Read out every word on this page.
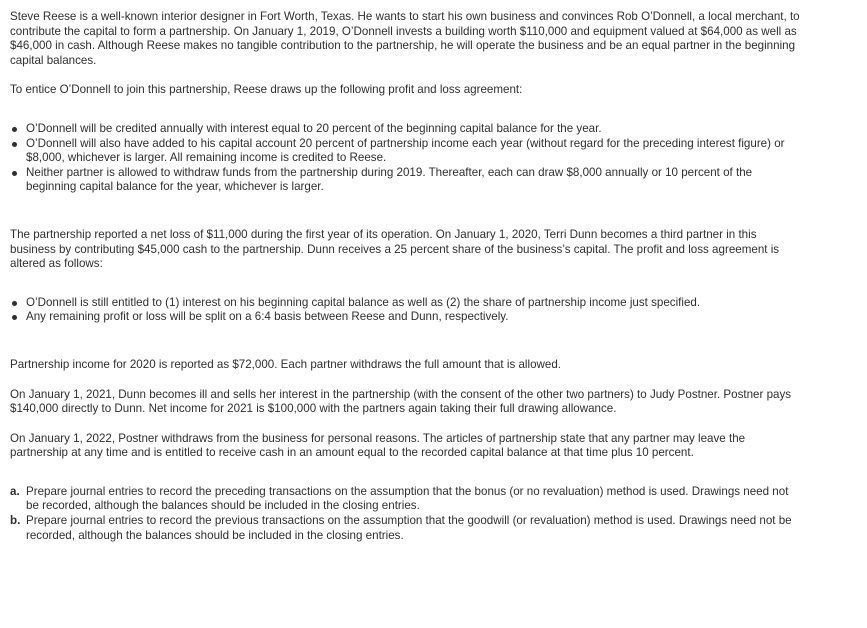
Steve Reese is a well-known interior designer in Fort Worth, Texas. He wants to start his own business and convinces Rob O’Donnell, a local merchant, to contribute the capital to form a partnership. On January 1, 2019, O’Donnell invests a building worth $110,000 and equipment valued at $64,000 as well as $46,000 in cash. Although Reese makes no tangible contribution to the partnership, he will operate the business and be an equal partner in the beginning capital balances.

To entice O’Donnell to join this partnership, Reese draws up the following profit and loss agreement:

O’Donnell will be credited annually with interest equal to 20 percent of the beginning capital balance for the year.
O’Donnell will also have added to his capital account 20 percent of partnership income each year (without regard for the preceding interest figure) or $8,000, whichever is larger. All remaining income is credited to Reese.
Neither partner is allowed to withdraw funds from the partnership during 2019. Thereafter, each can draw $8,000 annually or 10 percent of the beginning capital balance for the year, whichever is larger.

The partnership reported a net loss of $11,000 during the first year of its operation. On January 1, 2020, Terri Dunn becomes a third partner in this business by contributing $45,000 cash to the partnership. Dunn receives a 25 percent share of the business’s capital. The profit and loss agreement is altered as follows:

O’Donnell is still entitled to (1) interest on his beginning capital balance as well as (2) the share of partnership income just specified.
Any remaining profit or loss will be split on a 6:4 basis between Reese and Dunn, respectively.

Partnership income for 2020 is reported as $72,000. Each partner withdraws the full amount that is allowed.

On January 1, 2021, Dunn becomes ill and sells her interest in the partnership (with the consent of the other two partners) to Judy Postner. Postner pays $140,000 directly to Dunn. Net income for 2021 is $100,000 with the partners again taking their full drawing allowance.

On January 1, 2022, Postner withdraws from the business for personal reasons. The articles of partnership state that any partner may leave the partnership at any time and is entitled to receive cash in an amount equal to the recorded capital balance at that time plus 10 percent.

a. Prepare journal entries to record the preceding transactions on the assumption that the bonus (or no revaluation) method is used. Drawings need not be recorded, although the balances should be included in the closing entries.
b. Prepare journal entries to record the previous transactions on the assumption that the goodwill (or revaluation) method is used. Drawings need not be recorded, although the balances should be included in the closing entries.
